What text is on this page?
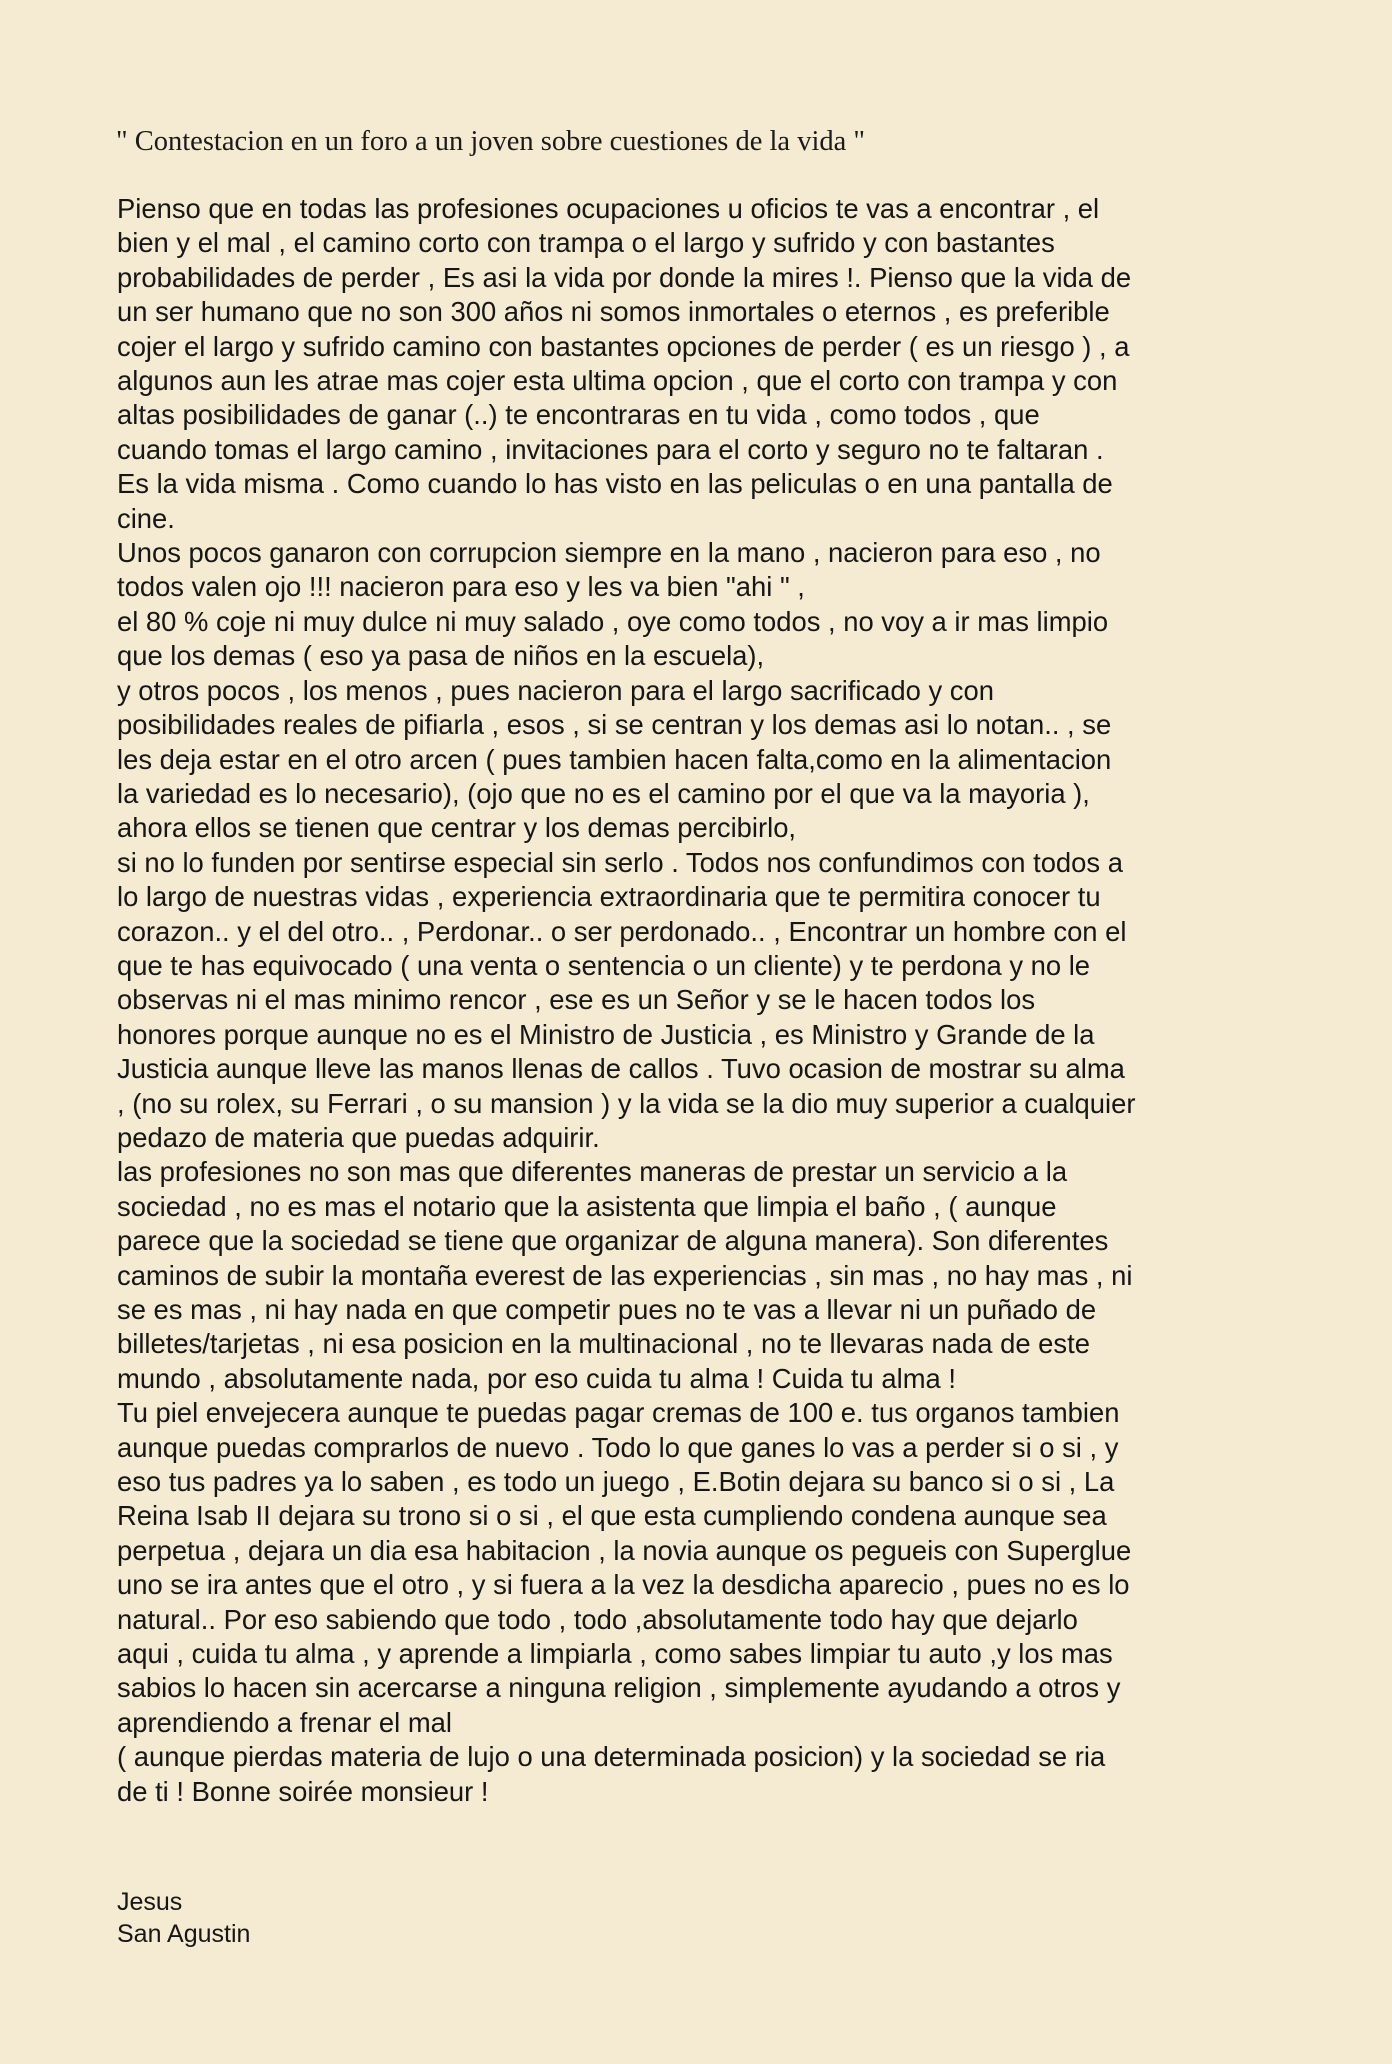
" Contestacion en un foro a un joven sobre cuestiones de la vida "
Pienso que en todas las profesiones ocupaciones u oficios te vas a encontrar , el
bien y el mal , el camino corto con trampa o el largo y sufrido y con bastantes
probabilidades de perder , Es asi la vida por donde la mires !. Pienso que la vida de
un ser humano que no son 300 años ni somos inmortales o eternos , es preferible
cojer el largo y sufrido camino con bastantes opciones de perder ( es un riesgo ) , a
algunos aun les atrae mas cojer esta ultima opcion , que el corto con trampa y con
altas posibilidades de ganar (..) te encontraras en tu vida , como todos , que
cuando tomas el largo camino , invitaciones para el corto y seguro no te faltaran .
Es la vida misma . Como cuando lo has visto en las peliculas o en una pantalla de
cine.
Unos pocos ganaron con corrupcion siempre en la mano , nacieron para eso , no
todos valen ojo !!! nacieron para eso y les va bien "ahi " ,
el 80 % coje ni muy dulce ni muy salado , oye como todos , no voy a ir mas limpio
que los demas ( eso ya pasa de niños en la escuela),
y otros pocos , los menos , pues nacieron para el largo sacrificado y con
posibilidades reales de pifiarla , esos , si se centran y los demas asi lo notan.. , se
les deja estar en el otro arcen ( pues tambien hacen falta,como en la alimentacion
la variedad es lo necesario), (ojo que no es el camino por el que va la mayoria ),
ahora ellos se tienen que centrar y los demas percibirlo,
si no lo funden por sentirse especial sin serlo . Todos nos confundimos con todos a
lo largo de nuestras vidas , experiencia extraordinaria que te permitira conocer tu
corazon.. y el del otro.. , Perdonar.. o ser perdonado.. , Encontrar un hombre con el
que te has equivocado ( una venta o sentencia o un cliente) y te perdona y no le
observas ni el mas minimo rencor , ese es un Señor y se le hacen todos los
honores porque aunque no es el Ministro de Justicia , es Ministro y Grande de la
Justicia aunque lleve las manos llenas de callos . Tuvo ocasion de mostrar su alma
, (no su rolex, su Ferrari , o su mansion ) y la vida se la dio muy superior a cualquier
pedazo de materia que puedas adquirir.
las profesiones no son mas que diferentes maneras de prestar un servicio a la
sociedad , no es mas el notario que la asistenta que limpia el baño , ( aunque
parece que la sociedad se tiene que organizar de alguna manera). Son diferentes
caminos de subir la montaña everest de las experiencias , sin mas , no hay mas , ni
se es mas , ni hay nada en que competir pues no te vas a llevar ni un puñado de
billetes/tarjetas , ni esa posicion en la multinacional , no te llevaras nada de este
mundo , absolutamente nada, por eso cuida tu alma ! Cuida tu alma !
Tu piel envejecera aunque te puedas pagar cremas de 100 e. tus organos tambien
aunque puedas comprarlos de nuevo . Todo lo que ganes lo vas a perder si o si , y
eso tus padres ya lo saben , es todo un juego , E.Botin dejara su banco si o si , La
Reina Isab II dejara su trono si o si , el que esta cumpliendo condena aunque sea
perpetua , dejara un dia esa habitacion , la novia aunque os pegueis con Superglue
uno se ira antes que el otro , y si fuera a la vez la desdicha aparecio , pues no es lo
natural.. Por eso sabiendo que todo , todo ,absolutamente todo hay que dejarlo
aqui , cuida tu alma , y aprende a limpiarla , como sabes limpiar tu auto ,y los mas
sabios lo hacen sin acercarse a ninguna religion , simplemente ayudando a otros y
aprendiendo a frenar el mal
( aunque pierdas materia de lujo o una determinada posicion) y la sociedad se ria
de ti ! Bonne soirée monsieur !
Jesus
San Agustin
